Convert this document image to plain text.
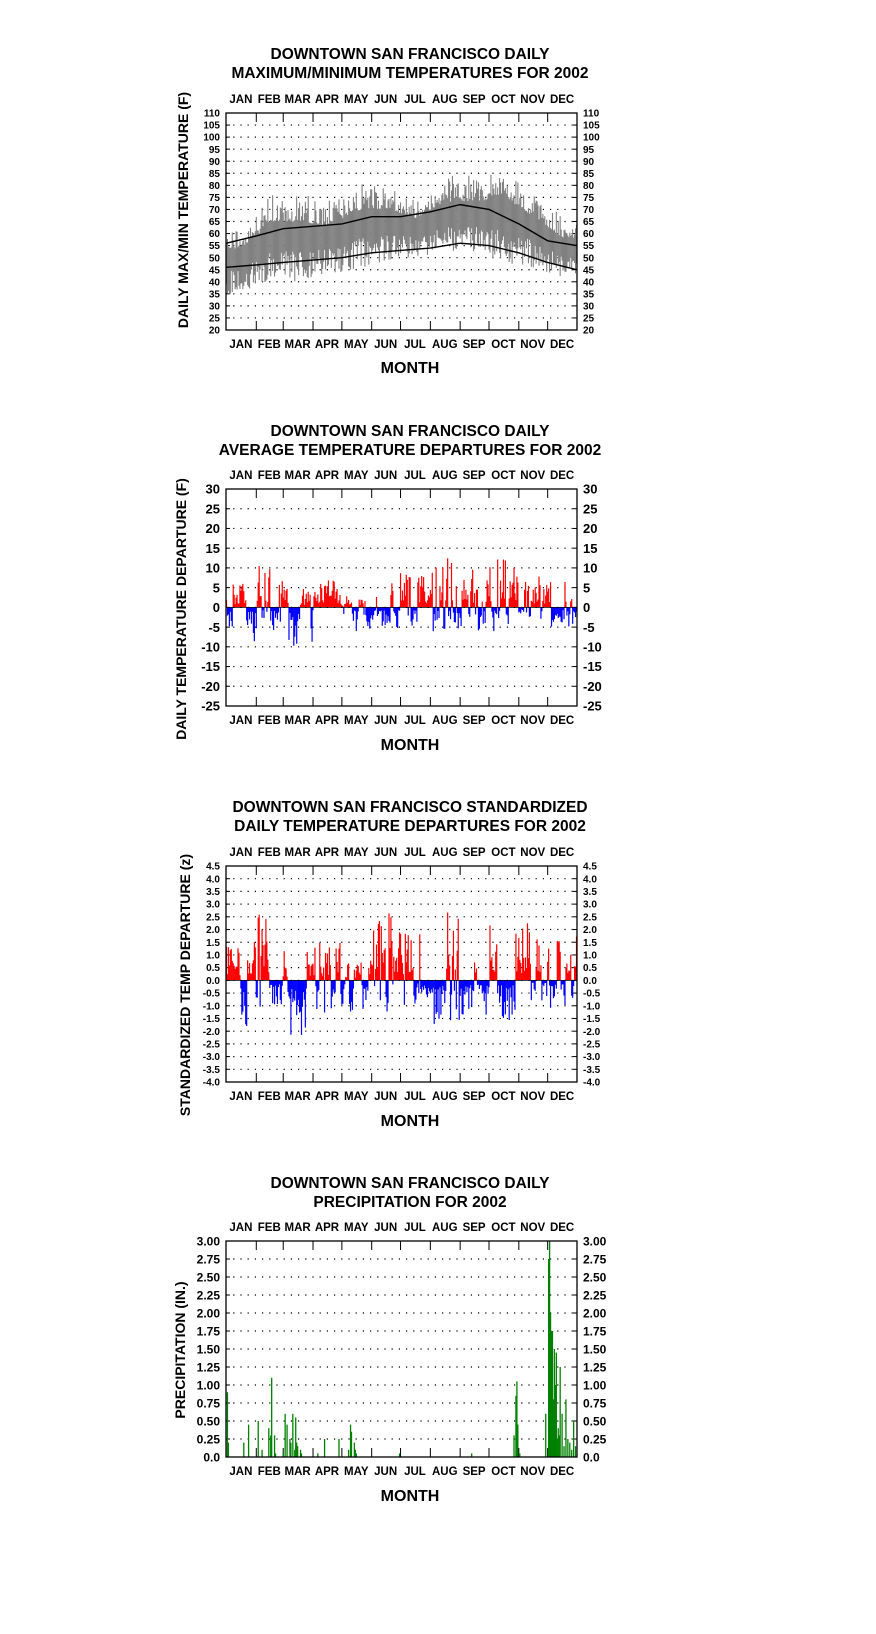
DOWNTOWN SAN FRANCISCO DAILY
MAXIMUM/MINIMUM TEMPERATURES FOR 2002
DAILY MAX/MIN TEMPERATURE (F)
MONTH
20	20
25	25
30	30
35	35
40	40
45	45
50	50
55	55
60	60
65	65
70	70
75	75
80	80
85	85
90	90
95	95
100	100
105	105
110	110
JAN
JAN
FEB
FEB
MAR
MAR
APR
APR
MAY
MAY
JUN
JUN
JUL
JUL
AUG
AUG
SEP
SEP
OCT
OCT
NOV
NOV
DEC
DEC
DOWNTOWN SAN FRANCISCO DAILY
AVERAGE TEMPERATURE DEPARTURES FOR 2002
DAILY TEMPERATURE DEPARTURE (F)
MONTH
-25	-25
-20	-20
-15	-15
-10	-10
-5	-5
0	0
5	5
10	10
15	15
20	20
25	25
30	30
JAN
JAN
FEB
FEB
MAR
MAR
APR
APR
MAY
MAY
JUN
JUN
JUL
JUL
AUG
AUG
SEP
SEP
OCT
OCT
NOV
NOV
DEC
DEC
DOWNTOWN SAN FRANCISCO STANDARDIZED
DAILY TEMPERATURE DEPARTURES FOR 2002
STANDARDIZED TEMP DEPARTURE (z)
MONTH
-4.0	-4.0
-3.5	-3.5
-3.0	-3.0
-2.5	-2.5
-2.0	-2.0
-1.5	-1.5
-1.0	-1.0
-0.5	-0.5
0.0	0.0
0.5	0.5
1.0	1.0
1.5	1.5
2.0	2.0
2.5	2.5
3.0	3.0
3.5	3.5
4.0	4.0
4.5	4.5
JAN
JAN
FEB
FEB
MAR
MAR
APR
APR
MAY
MAY
JUN
JUN
JUL
JUL
AUG
AUG
SEP
SEP
OCT
OCT
NOV
NOV
DEC
DEC
DOWNTOWN SAN FRANCISCO DAILY
PRECIPITATION FOR 2002
PRECIPITATION (IN.)
MONTH
0.0	0.0
0.25	0.25
0.50	0.50
0.75	0.75
1.00	1.00
1.25	1.25
1.50	1.50
1.75	1.75
2.00	2.00
2.25	2.25
2.50	2.50
2.75	2.75
3.00	3.00
JAN
JAN
FEB
FEB
MAR
MAR
APR
APR
MAY
MAY
JUN
JUN
JUL
JUL
AUG
AUG
SEP
SEP
OCT
OCT
NOV
NOV
DEC
DEC
